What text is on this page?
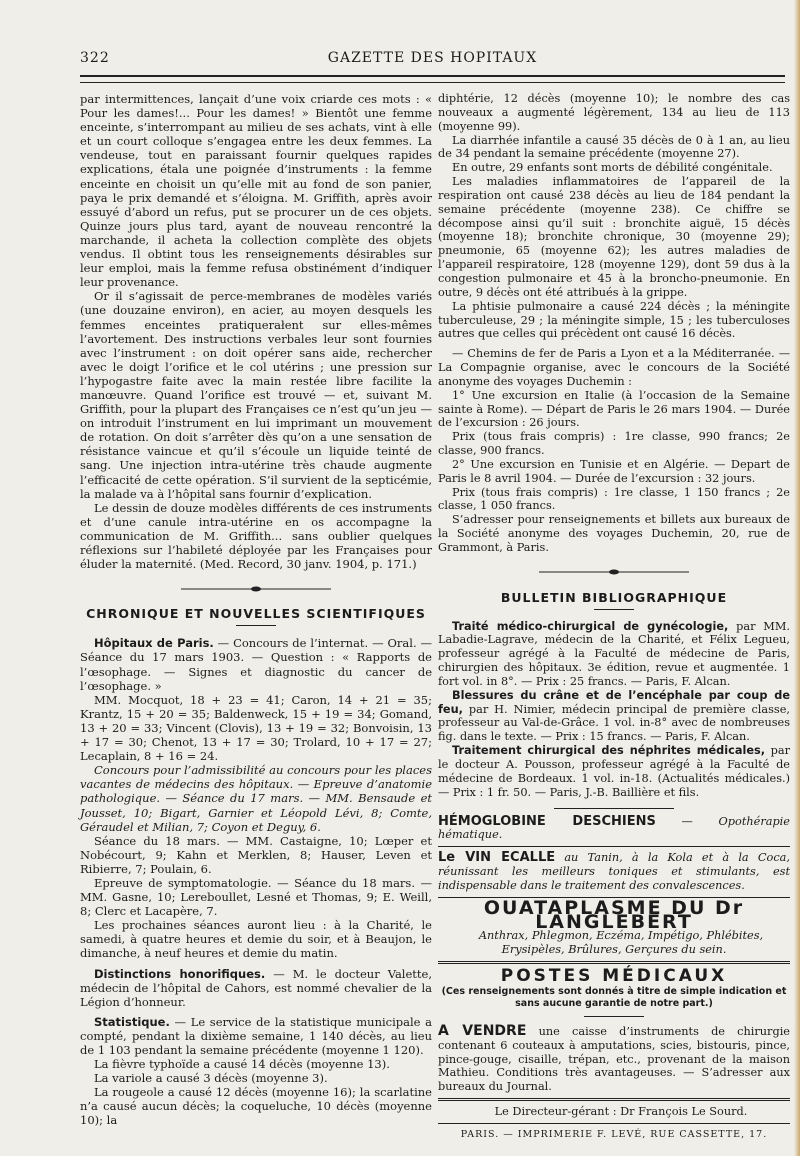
322	GAZETTE DES HOPITAUX

par intermittences, lançait d’une voix criarde ces mots : « Pour les dames!... Pour les dames! » Bientôt une femme enceinte, s’interrompant au milieu de ses achats, vint à elle et un court colloque s’engagea entre les deux femmes. La vendeuse, tout en paraissant fournir quelques rapides explications, étala une poignée d’instruments : la femme enceinte en choisit un qu’elle mit au fond de son panier, paya le prix demandé et s’éloigna. M. Griffith, après avoir essuyé d’abord un refus, put se procurer un de ces objets. Quinze jours plus tard, ayant de nouveau rencontré la marchande, il acheta la collection complète des objets vendus. Il obtint tous les renseignements désirables sur leur emploi, mais la femme refusa obstinément d’indiquer leur provenance.

Or il s’agissait de perce-membranes de modèles variés (une douzaine environ), en acier, au moyen desquels les femmes enceintes pratiquerałent sur elles-mêmes l’avortement. Des instructions verbales leur sont fournies avec l’instrument : on doit opérer sans aide, rechercher avec le doigt l’orifice et le col utérins ; une pression sur l’hypogastre faite avec la main restée libre facilite la manœuvre. Quand l’orifice est trouvé — et, suivant M. Griffith, pour la plupart des Françaises ce n’est qu’un jeu — on introduit l’instrument en lui imprimant un mouvement de rotation. On doit s’arrêter dès qu’on a une sensation de résistance vaincue et qu’il s’écoule un liquide teinté de sang. Une injection intra-utérine très chaude augmente l’efficacité de cette opération. S’il survient de la septicémie, la malade va à l’hôpital sans fournir d’explication.

Le dessin de douze modèles différents de ces instruments et d’une canule intra-utérine en os accompagne la communication de M. Griffith... sans oublier quelques réflexions sur l’habileté déployée par les Françaises pour éluder la maternité. (Med. Record, 30 janv. 1904, p. 171.)

CHRONIQUE ET NOUVELLES SCIENTIFIQUES

Hôpitaux de Paris. — Concours de l’internat. — Oral. — Séance du 17 mars 1903. — Question : « Rapports de l’œsophage. — Signes et diagnostic du cancer de l’œsophage. »

MM. Mocquot, 18 + 23 = 41; Caron, 14 + 21 = 35; Krantz, 15 + 20 = 35; Baldenweck, 15 + 19 = 34; Gomand, 13 + 20 = 33; Vincent (Clovis), 13 + 19 = 32; Bonvoisin, 13 + 17 = 30; Chenot, 13 + 17 = 30; Trolard, 10 + 17 = 27; Lecaplain, 8 + 16 = 24.

Concours pour l’admissibilité au concours pour les places vacantes de médecins des hôpitaux. — Epreuve d’anatomie pathologique. — Séance du 17 mars. — MM. Bensaude et Jousset, 10; Bigart, Garnier et Léopold Lévi, 8; Comte, Géraudel et Milian, 7; Coyon et Deguy, 6.

Séance du 18 mars. — MM. Castaigne, 10; Lœper et Nobécourt, 9; Kahn et Merklen, 8; Hauser, Leven et Ribierre, 7; Poulain, 6.

Epreuve de symptomatologie. — Séance du 18 mars. — MM. Gasne, 10; Lereboullet, Lesné et Thomas, 9; E. Weill, 8; Clerc et Lacapère, 7.

Les prochaines séances auront lieu : à la Charité, le samedi, à quatre heures et demie du soir, et à Beaujon, le dimanche, à neuf heures et demie du matin.

Distinctions honorifiques. — M. le docteur Valette, médecin de l’hôpital de Cahors, est nommé chevalier de la Légion d’honneur.

Statistique. — Le service de la statistique municipale a compté, pendant la dixième semaine, 1 140 décès, au lieu de 1 103 pendant la semaine précédente (moyenne 1 120).

La fièvre typhoïde a causé 14 décès (moyenne 13).

La variole a causé 3 décès (moyenne 3).

La rougeole a causé 12 décès (moyenne 16); la scarlatine n’a causé aucun décès; la coqueluche, 10 décès (moyenne 10); la

diphtérie, 12 décès (moyenne 10); le nombre des cas nouveaux a augmenté légèrement, 134 au lieu de 113 (moyenne 99).

La diarrhée infantile a causé 35 décès de 0 à 1 an, au lieu de 34 pendant la semaine précédente (moyenne 27).

En outre, 29 enfants sont morts de débilité congénitale.

Les maladies inflammatoires de l’appareil de la respiration ont causé 238 décès au lieu de 184 pendant la semaine précédente (moyenne 238). Ce chiffre se décompose ainsi qu’il suit : bronchite aiguë, 15 décès (moyenne 18); bronchite chronique, 30 (moyenne 29); pneumonie, 65 (moyenne 62); les autres maladies de l’appareil respiratoire, 128 (moyenne 129), dont 59 dus à la congestion pulmonaire et 45 à la broncho-pneumonie. En outre, 9 décès ont été attribués à la grippe.

La phtisie pulmonaire a causé 224 décès ; la méningite tuberculeuse, 29 ; la méningite simple, 15 ; les tuberculoses autres que celles qui précèdent ont causé 16 décès.

— Chemins de fer de Paris a Lyon et a la Méditerranée. — La Compagnie organise, avec le concours de la Société anonyme des voyages Duchemin :

1° Une excursion en Italie (à l’occasion de la Semaine sainte à Rome). — Départ de Paris le 26 mars 1904. — Durée de l’excursion : 26 jours.

Prix (tous frais compris) : 1re classe, 990 francs; 2e classe, 900 francs.

2° Une excursion en Tunisie et en Algérie. — Depart de Paris le 8 avril 1904. — Durée de l’excursion : 32 jours.

Prix (tous frais compris) : 1re classe, 1 150 francs ; 2e classe, 1 050 francs.

S’adresser pour renseignements et billets aux bureaux de la Société anonyme des voyages Duchemin, 20, rue de Grammont, à Paris.

BULLETIN BIBLIOGRAPHIQUE

Traité médico-chirurgical de gynécologie, par MM. Labadie-Lagrave, médecin de la Charité, et Félix Legueu, professeur agrégé à la Faculté de médecine de Paris, chirurgien des hôpitaux. 3e édition, revue et augmentée. 1 fort vol. in 8°. — Prix : 25 francs. — Paris, F. Alcan.

Blessures du crâne et de l’encéphale par coup de feu, par H. Nimier, médecin principal de première classe, professeur au Val-de-Grâce. 1 vol. in-8° avec de nombreuses fig. dans le texte. — Prix : 15 francs. — Paris, F. Alcan.

Traitement chirurgical des néphrites médicales, par le docteur A. Pousson, professeur agrégé à la Faculté de médecine de Bordeaux. 1 vol. in-18. (Actualités médicales.) — Prix : 1 fr. 50. — Paris, J.-B. Baillière et fils.

HÉMOGLOBINE DESCHIENS — Opothérapie hématique.

Le VIN ECALLE au Tanin, à la Kola et à la Coca, réunissant les meilleurs toniques et stimulants, est indispensable dans le traitement des convalescences.

OUATAPLASME DU Dr LANGLEBERT

Anthrax, Phlegmon, Eczéma, Impétigo, Phlébites, Erysipèles, Brûlures, Gerçures du sein.

POSTES MÉDICAUX
(Ces renseignements sont donnés à titre de simple indication et sans aucune garantie de notre part.)

A VENDRE une caisse d’instruments de chirurgie contenant 6 couteaux à amputations, scies, bistouris, pince, pince-gouge, cisaille, trépan, etc., provenant de la maison Mathieu. Conditions très avantageuses. — S’adresser aux bureaux du Journal.

Le Directeur-gérant : Dr François Le Sourd.

PARIS. — IMPRIMERIE F. LEVÉ, RUE CASSETTE, 17.
